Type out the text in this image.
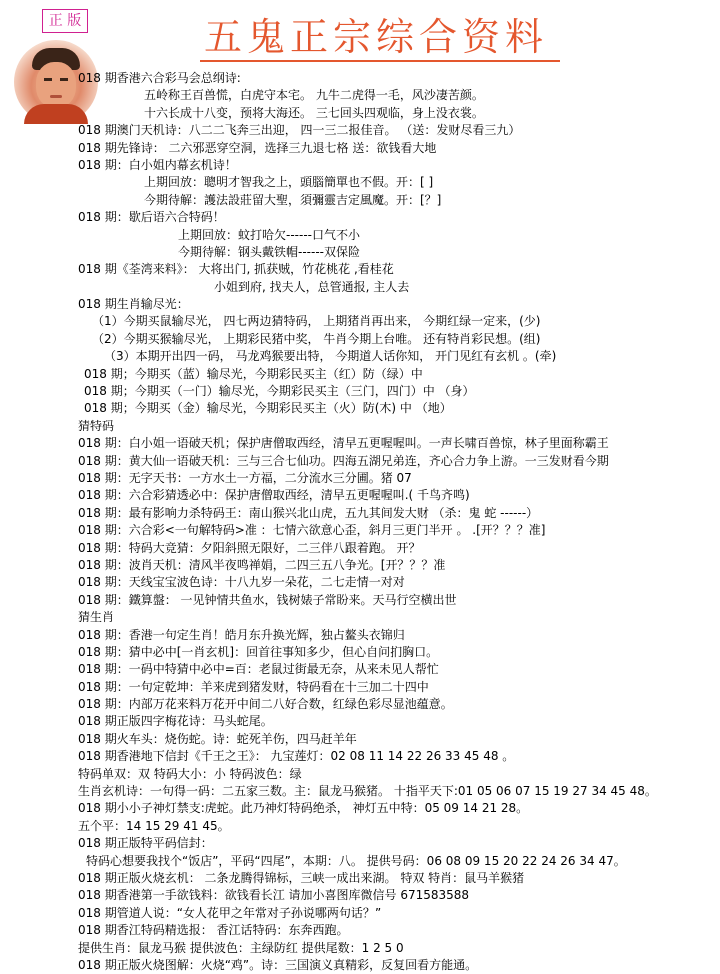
正 版	五鬼正宗综合资料
018 期香港六合彩马会总纲诗:
五岭称王百兽慌，白虎守本宅。 九牛二虎得一毛，风沙凄苦颜。
十六长成十八变，预将大海还。 三七回头四观临，身上没衣裳。
018 期澳门天机诗：八二二飞奔三出迎， 四一三二报佳音。 （送：发财尽看三九）
018 期先锋诗： 二六邪恶穿空洞，选择三九退七格 送：欲钱看大地
018 期：白小姐内幕玄机诗！
上期回放：聰明才智我之上，頭腦簡單也不假。开：[ ]
今期待解：護法設莊留大聖，須彌靈吉定風魔。开：[？]
018 期：歇后语六合特码！
上期回放：蚊打哈欠------口气不小
今期待解：钢头戴铁帽------双保险
018 期《荃湾来料》： 大将出门, 抓获贼，竹花桃花 ,看桂花
小姐到府, 找夫人，总管通报, 主人去
018 期生肖输尽光：
（1）今期买鼠输尽光， 四七两边猜特码， 上期猪肖再出来， 今期红绿一定来，(少)
（2）今期买猴输尽光， 上期彩民猪中奖， 牛肖今期上台唯。 还有特肖彩民想。(组)
（3）本期开出四一码， 马龙鸡猴要出特， 今期道人话你知， 开门见红有玄机 。(牵)
018 期；今期买（蓝）输尽光，今期彩民买主（红）防（绿）中
018 期；今期买（一门）输尽光，今期彩民买主（三门，四门）中 （身）
018 期；今期买（金）输尽光，今期彩民买主（火）防(木) 中 （地）
猜特码
018 期：白小姐一语破天机；保护唐僧取西经，清早五更喔喔叫。一声长啸百兽惊，林子里面称霸王
018 期：黄大仙一语破天机：三与三合七仙功。四海五湖兄弟连，齐心合力争上游。一三发财看今期
018 期：无字天书：一方水土一方福，二分流水三分圃。猪 07
018 期：六合彩猜透必中：保护唐僧取西经，清早五更喔喔叫.( 千鸟齐鸣)
018 期：最有影响力杀特码王：南山猴兴北山虎，五九其间发大财 （杀：鬼 蛇 ------）
018 期：六合彩<一句解特码>准 ：七情六欲意心歪，斜月三更门半开 。 .[开？？？准]
018 期：特码大竞猜：夕阳斜照无限好，二三伴八跟着跑。 开？
018 期：波肖天机：清风半夜鸣禅娟，二四三五八争光。[开？？？准
018 期：天线宝宝波色诗：十八九岁一朵花，二七走情一对对
018 期：鐵算盤： 一见钟情共鱼水，钱树婊子常盼来。天马行空横出世
猜生肖
018 期：香港一句定生肖！皓月东升换光辉，独占鳌头衣锦归
018 期：猜中必中[一肖玄机]：回首往事知多少，但心自问扪胸口。
018 期：一码中特猜中必中=百：老鼠过街最无奈，从来未见人帮忙
018 期：一句定乾坤：羊来虎到猪发财，特码看在十三加二十四中
018 期：内部万花来料万花开中间二八好合数，红绿色彩尽显池蕴意。
018 期正版四字梅花诗：马头蛇尾。
018 期火车头：烧伤蛇。诗：蛇死羊伤，四马赶羊年
018 期香港地下信封《千王之王》： 九宝莲灯：02 08 11 14 22 26 33 45 48 。
特码单双：双 特码大小：小 特码波色：绿
生肖玄机诗：一句得一码：二五家三数。主：鼠龙马猴猪。 十指平天下:01 05 06 07 15 19 27 34 45 48。
018 期小小子神灯禁支:虎蛇。此乃神灯特码绝杀， 神灯五中特：05 09 14 21 28。
五个平：14 15 29 41 45。
018 期正版特平码信封：
特码心想要我找个“饭店”，平码“四尾”，本期：八。 提供号码：06 08 09 15 20 22 24 26 34 47。
018 期正版火烧玄机： 二条龙腾得锦标，三峡一成出来湖。 特双 特肖：鼠马羊猴猪
018 期香港第一手欲钱料：欲钱看长江 请加小喜图库微信号 671583588
018 期管道人说：“女人花甲之年常对子孙说哪两句话？”
018 期香江特码精选报： 香江话特码：东奔西跑。
提供生肖：鼠龙马猴 提供波色：主绿防红 提供尾数：1 2 5 0
018 期正版火烧图解：火烧“鸡”。诗：三国演义真精彩，反复回看方能通。
